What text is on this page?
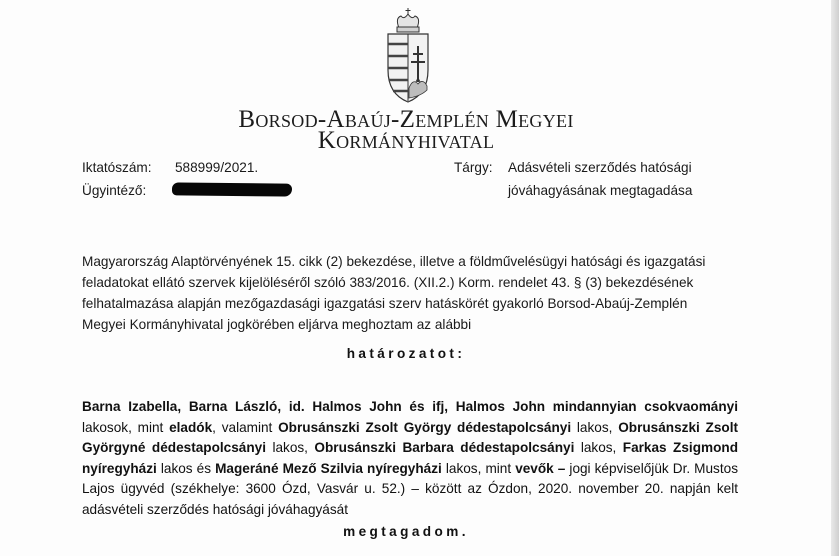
Borsod-Abaúj-Zemplén Megyei
Kormányhivatal
Iktatószám: 588999/2021.
Ügyintéző:
Tárgy: Adásvételi szerződés hatósági
jóváhagyásának megtagadása
Magyarország Alaptörvényének 15. cikk (2) bekezdése, illetve a földművelésügyi hatósági és igazgatási
feladatokat ellátó szervek kijelöléséről szóló 383/2016. (XII.2.) Korm. rendelet 43. § (3) bekezdésének
felhatalmazása alapján mezőgazdasági igazgatási szerv hatáskörét gyakorló Borsod-Abaúj-Zemplén
Megyei Kormányhivatal jogkörében eljárva meghoztam az alábbi
határozatot:

Barna Izabella, Barna László, id. Halmos John és ifj, Halmos John mindannyian csokvaományi lakosok, mint eladók, valamint Obrusánszki Zsolt György dédestapolcsányi lakos, Obrusánszki Zsolt Györgyné dédestapolcsányi lakos, Obrusánszki Barbara dédestapolcsányi lakos, Farkas Zsigmond nyíregyházi lakos és Mageráné Mező Szilvia nyíregyházi lakos, mint vevők – jogi képviselőjük Dr. Mustos Lajos ügyvéd (székhelye: 3600 Ózd, Vasvár u. 52.) – között az Ózdon, 2020. november 20. napján kelt adásvételi szerződés hatósági jóváhagyását

megtagadom.
